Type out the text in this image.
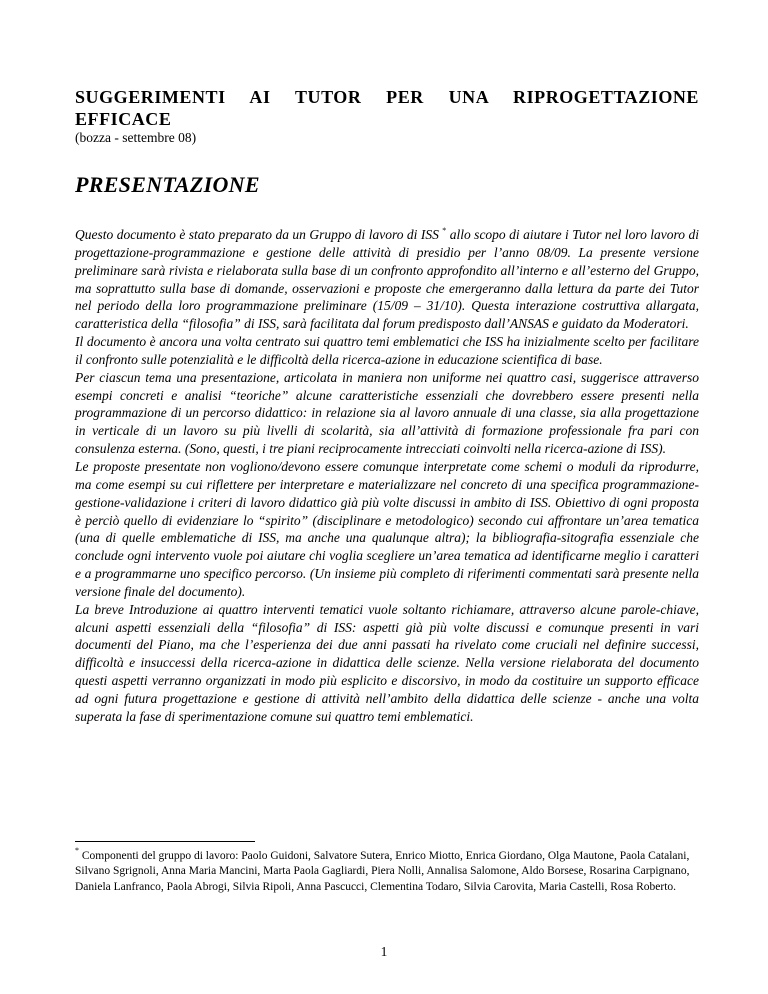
SUGGERIMENTI AI TUTOR PER UNA RIPROGETTAZIONE EFFICACE

(bozza - settembre 08)

PRESENTAZIONE

Questo documento è stato preparato da un Gruppo di lavoro di ISS * allo scopo di aiutare i Tutor nel loro lavoro di progettazione-programmazione e gestione delle attività di presidio per l’anno 08/09. La presente versione preliminare sarà rivista e rielaborata sulla base di un confronto approfondito all’interno e all’esterno del Gruppo, ma soprattutto sulla base di domande, osservazioni e proposte che emergeranno dalla lettura da parte dei Tutor nel periodo della loro programmazione preliminare (15/09 – 31/10). Questa interazione costruttiva allargata, caratteristica della “filosofia” di ISS, sarà facilitata dal forum predisposto dall’ANSAS e guidato da Moderatori.

Il documento è ancora una volta centrato sui quattro temi emblematici che ISS ha inizialmente scelto per facilitare il confronto sulle potenzialità e le difficoltà della ricerca-azione in educazione scientifica di base.

Per ciascun tema una presentazione, articolata in maniera non uniforme nei quattro casi, suggerisce attraverso esempi concreti e analisi “teoriche” alcune caratteristiche essenziali che dovrebbero essere presenti nella programmazione di un percorso didattico: in relazione sia al lavoro annuale di una classe, sia alla progettazione in verticale di un lavoro su più livelli di scolarità, sia all’attività di formazione professionale fra pari con consulenza esterna. (Sono, questi, i tre piani reciprocamente intrecciati coinvolti nella ricerca-azione di ISS).

Le proposte presentate non vogliono/devono essere comunque interpretate come schemi o moduli da riprodurre, ma come esempi su cui riflettere per interpretare e materializzare nel concreto di una specifica programmazione-gestione-validazione i criteri di lavoro didattico già più volte discussi in ambito di ISS. Obiettivo di ogni proposta è perciò quello di evidenziare lo “spirito” (disciplinare e metodologico) secondo cui affrontare un’area tematica (una di quelle emblematiche di ISS, ma anche una qualunque altra); la bibliografia-sitografia essenziale che conclude ogni intervento vuole poi aiutare chi voglia scegliere un’area tematica ad identificarne meglio i caratteri e a programmarne uno specifico percorso. (Un insieme più completo di riferimenti commentati sarà presente nella versione finale del documento).

La breve Introduzione ai quattro interventi tematici vuole soltanto richiamare, attraverso alcune parole-chiave, alcuni aspetti essenziali della “filosofia” di ISS: aspetti già più volte discussi e comunque presenti in vari documenti del Piano, ma che l’esperienza dei due anni passati ha rivelato come cruciali nel definire successi, difficoltà e insuccessi della ricerca-azione in didattica delle scienze. Nella versione rielaborata del documento questi aspetti verranno organizzati in modo più esplicito e discorsivo, in modo da costituire un supporto efficace ad ogni futura progettazione e gestione di attività nell’ambito della didattica delle scienze - anche una volta superata la fase di sperimentazione comune sui quattro temi emblematici.

* Componenti del gruppo di lavoro: Paolo Guidoni, Salvatore Sutera, Enrico Miotto, Enrica Giordano, Olga Mautone, Paola Catalani, Silvano Sgrignoli, Anna Maria Mancini, Marta Paola Gagliardi, Piera Nolli, Annalisa Salomone, Aldo Borsese, Rosarina Carpignano, Daniela Lanfranco, Paola Abrogi, Silvia Ripoli, Anna Pascucci, Clementina Todaro, Silvia Carovita, Maria Castelli, Rosa Roberto.

1
